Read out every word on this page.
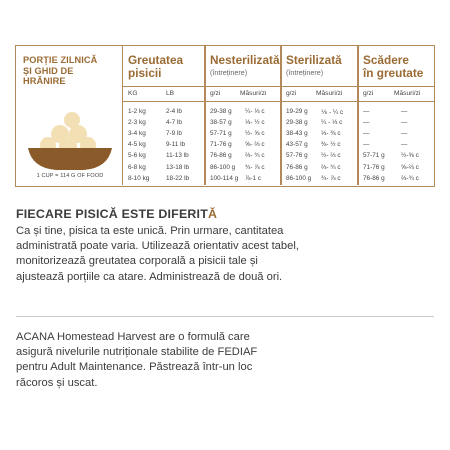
PORȚIE ZILNICĂ
ȘI GHID DE
HRĂNIRE
1 CUP = 114 G OF FOOD
Greutatea
pisicii
Nesterilizată
(întreținere)
Sterilizată
(întreținere)
Scădere
în greutate
KG	LB	g/zi	Măsuri/zi	g/zi	Măsuri/zi	g/zi	Măsuri/zi
1-2 kg	2-4 lb	29-38 g ¼- ⅓ c	19-29 g ⅙ - ¼ c	—	—
2-3 kg	4-7 lb	38-57 g ⅓- ½ c	29-38 g ¼ - ⅓ c	—	—
3-4 kg	7-9 lb	57-71 g ½- ⅝ c	38-43 g ⅓- ⅜ c	—	—
4-5 kg	9-11 lb	71-76 g ⅝- ⅔ c	43-57 g ⅜- ½ c	—	—
5-6 kg	11-13 lb	76-86 g ⅔- ¾ c	57-76 g ½- ⅔ c	57-71 g	½-⅝ c
6-8 kg	13-18 lb	86-100 g ¾- ⅞ c	76-86 g ⅔- ¾ c	71-76 g	⅝-⅔ c
8-10 kg	18-22 lb	100-114 g ⅞-1 c	86-100 g ¾- ⅞ c	76-86 g	⅔-¾ c
FIECARE PISICĂ ESTE DIFERITĂ
Ca și tine, pisica ta este unică. Prin urmare, cantitatea administrată poate varia. Utilizează orientativ acest tabel, monitorizează greutatea corporală a pisicii tale și ajustează porțiile ca atare. Administrează de două ori.
ACANA Homestead Harvest are o formulă care asigură nivelurile nutriționale stabilite de FEDIAF pentru Adult Maintenance. Păstrează într-un loc răcoros și uscat.
